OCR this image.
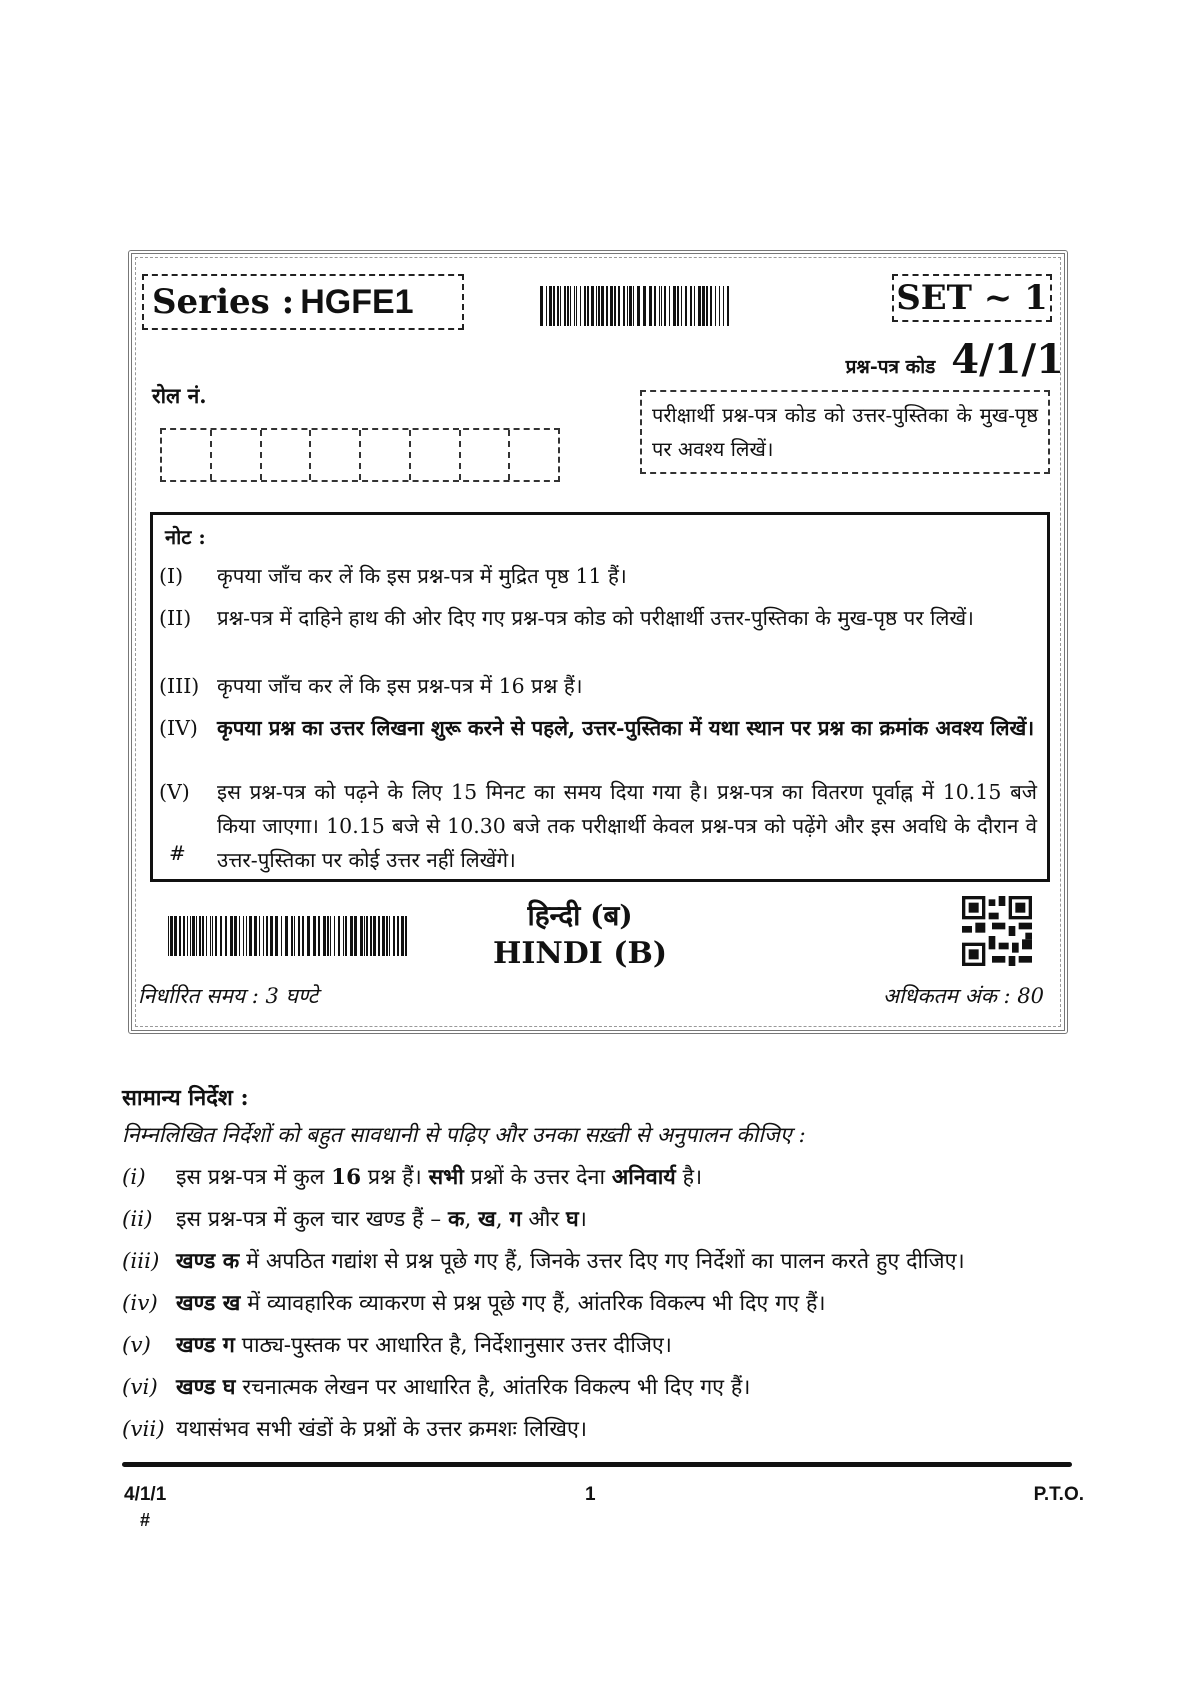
Series : HGFE1	SET ~ 1
प्रश्न-पत्र कोड 4/1/1
रोल नं.
परीक्षार्थी प्रश्न-पत्र कोड को उत्तर-पुस्तिका के मुख-पृष्ठ पर अवश्य लिखें।
नोट :
(I)	कृपया जाँच कर लें कि इस प्रश्न-पत्र में मुद्रित पृष्ठ 11 हैं।
(II)	प्रश्न-पत्र में दाहिने हाथ की ओर दिए गए प्रश्न-पत्र कोड को परीक्षार्थी उत्तर-पुस्तिका के मुख-पृष्ठ पर लिखें।
(III) कृपया जाँच कर लें कि इस प्रश्न-पत्र में 16 प्रश्न हैं।
(IV) कृपया प्रश्न का उत्तर लिखना शुरू करने से पहले, उत्तर-पुस्तिका में यथा स्थान पर प्रश्न का क्रमांक अवश्य लिखें।
(V)	इस प्रश्न-पत्र को पढ़ने के लिए 15 मिनट का समय दिया गया है। प्रश्न-पत्र का वितरण पूर्वाह्न में 10.15 बजे किया जाएगा। 10.15 बजे से 10.30 बजे तक परीक्षार्थी केवल प्रश्न-पत्र को पढ़ेंगे और इस अवधि के दौरान वे उत्तर-पुस्तिका पर कोई उत्तर नहीं लिखेंगे।
#
हिन्दी (ब)
HINDI (B)
निर्धारित समय : 3 घण्टे	अधिकतम अंक : 80
सामान्य निर्देश :
निम्नलिखित निर्देशों को बहुत सावधानी से पढ़िए और उनका सख़्ती से अनुपालन कीजिए :
(i) इस प्रश्न-पत्र में कुल 16 प्रश्न हैं। सभी प्रश्नों के उत्तर देना अनिवार्य है।
(ii) इस प्रश्न-पत्र में कुल चार खण्ड हैं – क, ख, ग और घ।
(iii) खण्ड क में अपठित गद्यांश से प्रश्न पूछे गए हैं, जिनके उत्तर दिए गए निर्देशों का पालन करते हुए दीजिए।
(iv) खण्ड ख में व्यावहारिक व्याकरण से प्रश्न पूछे गए हैं, आंतरिक विकल्प भी दिए गए हैं।
(v) खण्ड ग पाठ्य-पुस्तक पर आधारित है, निर्देशानुसार उत्तर दीजिए।
(vi) खण्ड घ रचनात्मक लेखन पर आधारित है, आंतरिक विकल्प भी दिए गए हैं।
(vii) यथासंभव सभी खंडों के प्रश्नों के उत्तर क्रमशः लिखिए।
4/1/1	1	P.T.O.
#
